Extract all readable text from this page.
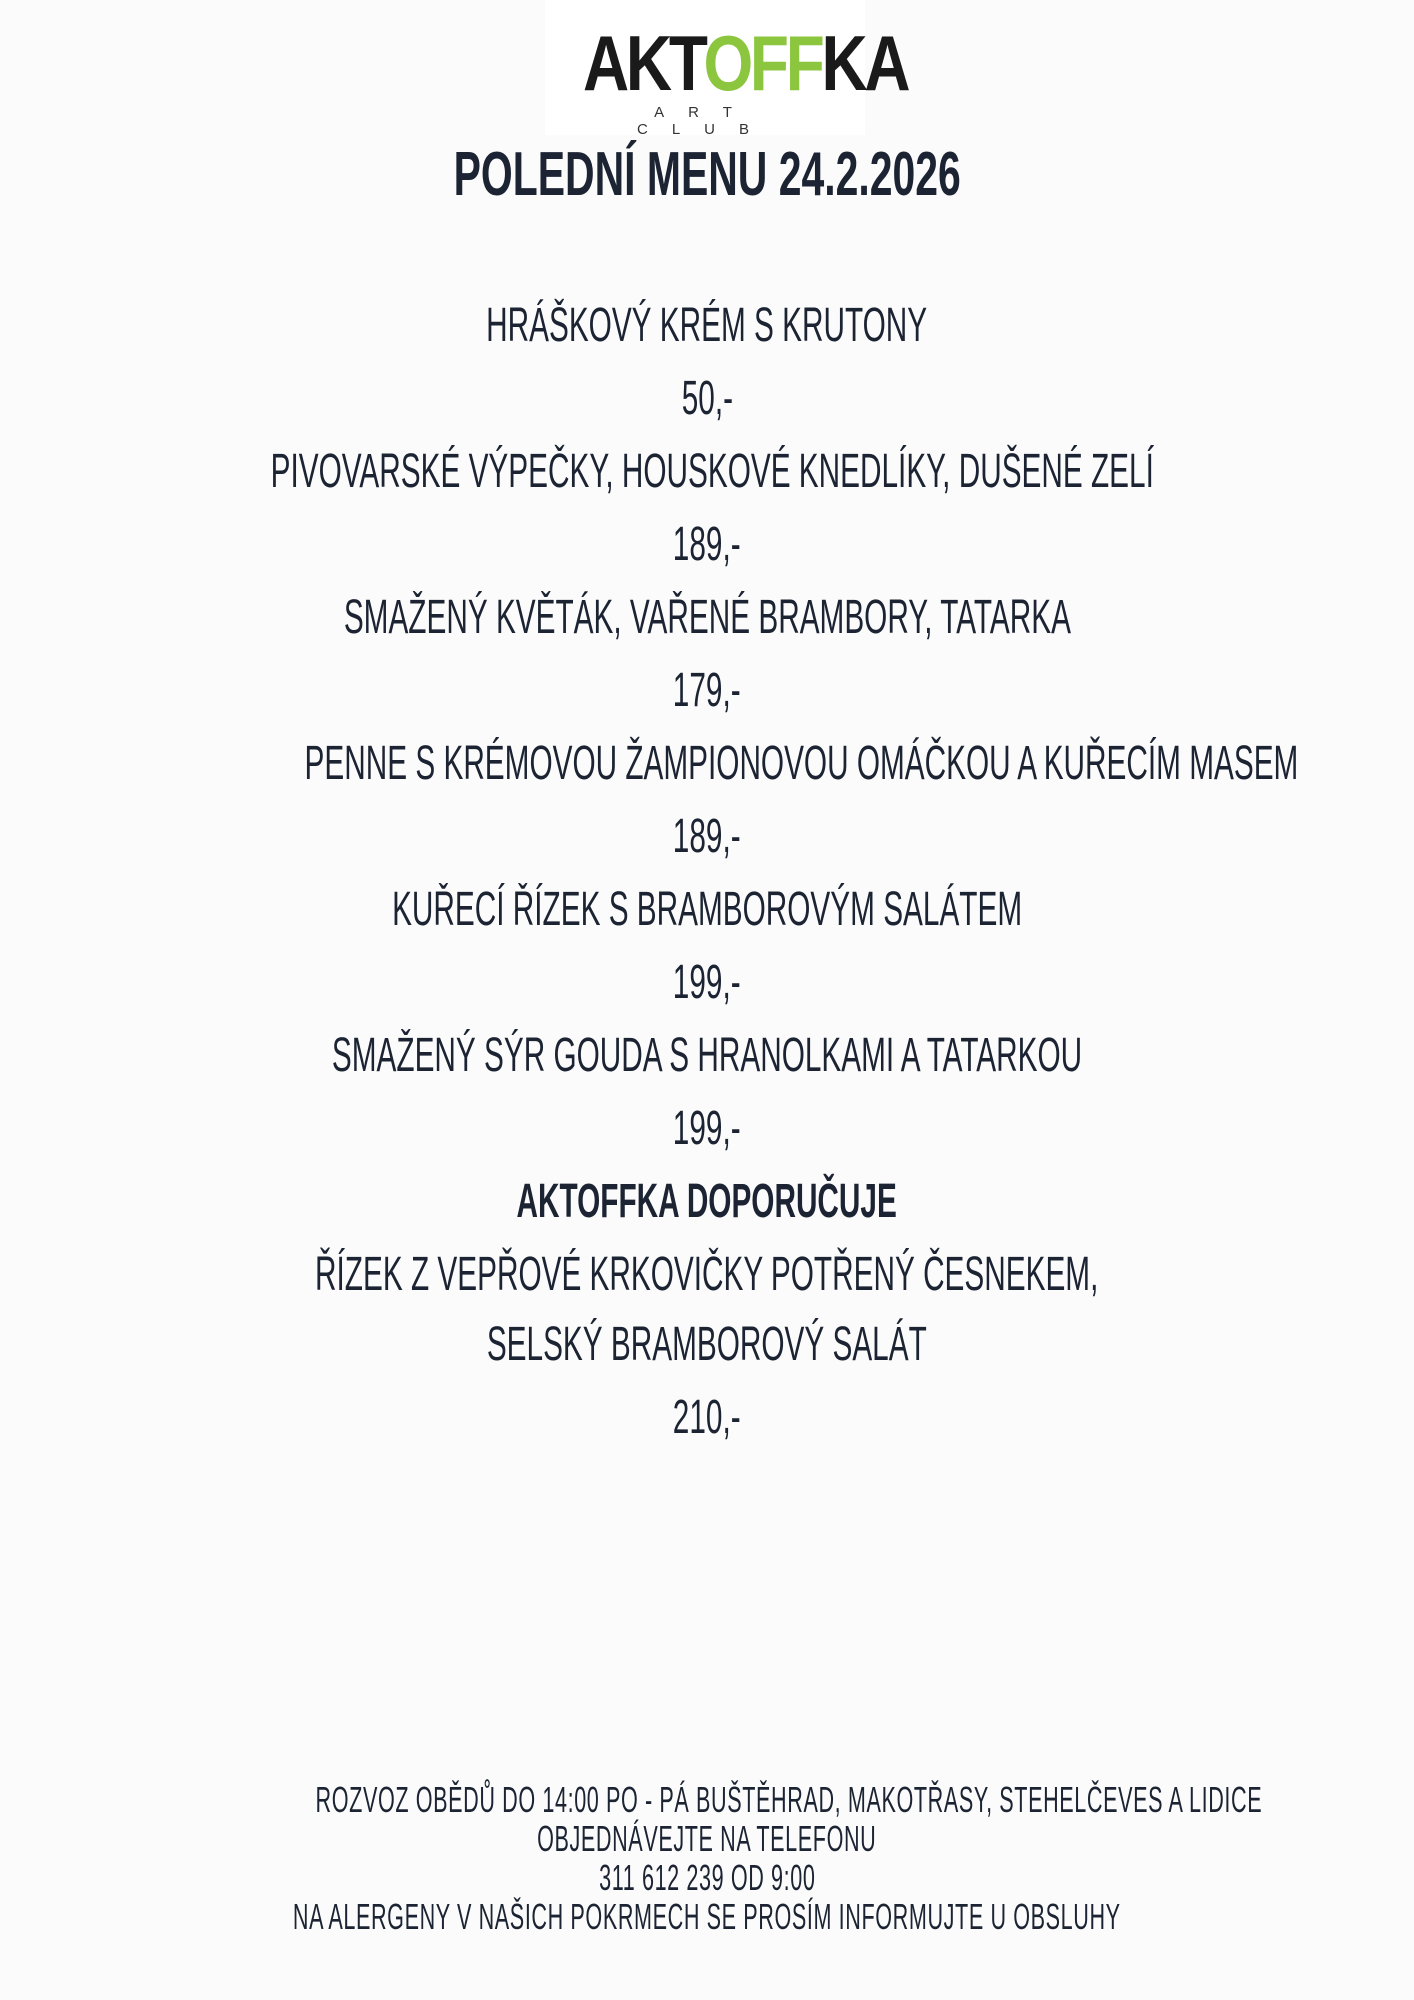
AKTOFFKA
ART CLUB
POLEDNÍ MENU 24.2.2026
HRÁŠKOVÝ KRÉM S KRUTONY
50,-
PIVOVARSKÉ VÝPEČKY, HOUSKOVÉ KNEDLÍKY, DUŠENÉ ZELÍ
189,-
SMAŽENÝ KVĚTÁK, VAŘENÉ BRAMBORY, TATARKA
179,-
PENNE S KRÉMOVOU ŽAMPIONOVOU OMÁČKOU A KUŘECÍM MASEM
189,-
KUŘECÍ ŘÍZEK S BRAMBOROVÝM SALÁTEM
199,-
SMAŽENÝ SÝR GOUDA S HRANOLKAMI A TATARKOU
199,-
AKTOFFKA DOPORUČUJE
ŘÍZEK Z VEPŘOVÉ KRKOVIČKY POTŘENÝ ČESNEKEM,
SELSKÝ BRAMBOROVÝ SALÁT
210,-
ROZVOZ OBĚDŮ DO 14:00 PO - PÁ BUŠTĚHRAD, MAKOTŘASY, STEHELČEVES A LIDICE
OBJEDNÁVEJTE NA TELEFONU
311 612 239 OD 9:00
NA ALERGENY V NAŠICH POKRMECH SE PROSÍM INFORMUJTE U OBSLUHY
